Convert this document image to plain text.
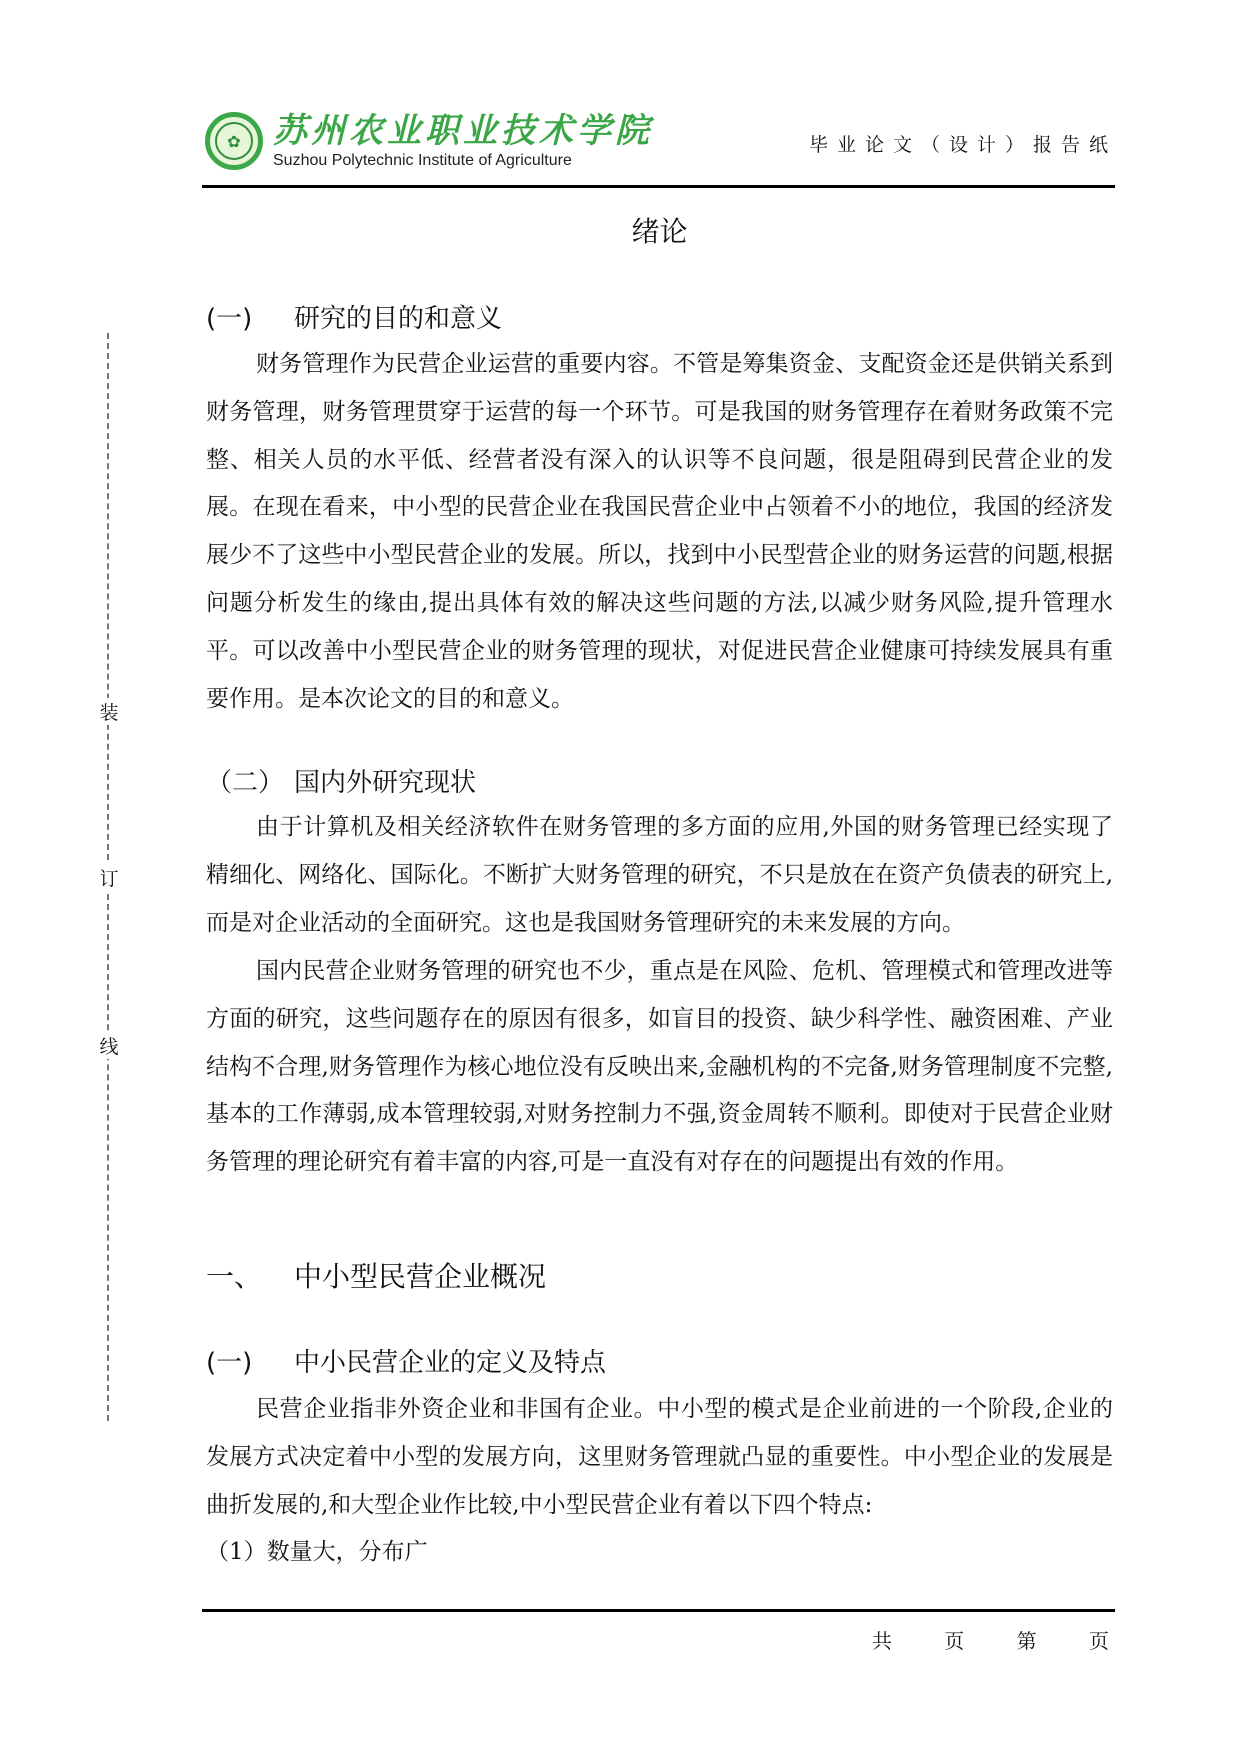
✿ 苏州农业职业技术学院
Suzhou Polytechnic Institute of Agriculture
毕业论文（设计）报告纸
装
订
线
绪论
(一) 研究的目的和意义
财务管理作为民营企业运营的重要内容。不管是筹集资金、支配资金还是供销关系到财务管理，财务管理贯穿于运营的每一个环节。可是我国的财务管理存在着财务政策不完整、相关人员的水平低、经营者没有深入的认识等不良问题，很是阻碍到民营企业的发展。在现在看来，中小型的民营企业在我国民营企业中占领着不小的地位，我国的经济发展少不了这些中小型民营企业的发展。所以，找到中小民型营企业的财务运营的问题,根据问题分析发生的缘由,提出具体有效的解决这些问题的方法,以减少财务风险,提升管理水平。可以改善中小型民营企业的财务管理的现状，对促进民营企业健康可持续发展具有重要作用。是本次论文的目的和意义。
（二） 国内外研究现状
由于计算机及相关经济软件在财务管理的多方面的应用,外国的财务管理已经实现了精细化、网络化、国际化。不断扩大财务管理的研究，不只是放在在资产负债表的研究上,而是对企业活动的全面研究。这也是我国财务管理研究的未来发展的方向。
国内民营企业财务管理的研究也不少，重点是在风险、危机、管理模式和管理改进等方面的研究，这些问题存在的原因有很多，如盲目的投资、缺少科学性、融资困难、产业结构不合理,财务管理作为核心地位没有反映出来,金融机构的不完备,财务管理制度不完整,基本的工作薄弱,成本管理较弱,对财务控制力不强,资金周转不顺利。即使对于民营企业财务管理的理论研究有着丰富的内容,可是一直没有对存在的问题提出有效的作用。
一、 中小型民营企业概况
(一) 中小民营企业的定义及特点
民营企业指非外资企业和非国有企业。中小型的模式是企业前进的一个阶段,企业的发展方式决定着中小型的发展方向，这里财务管理就凸显的重要性。中小型企业的发展是曲折发展的,和大型企业作比较,中小型民营企业有着以下四个特点:
（1）数量大，分布广
共 页 第 页
